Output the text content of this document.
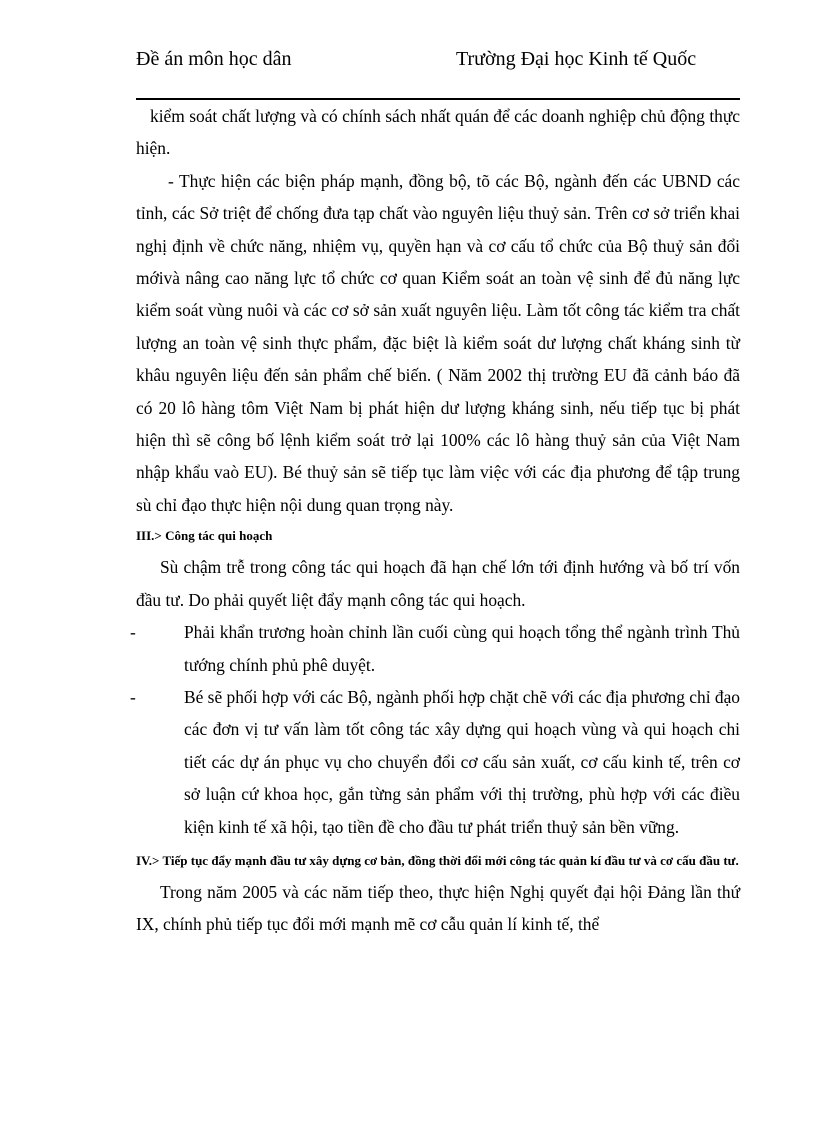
Đề án môn học dân	Trường Đại học Kinh tế Quốc

kiểm soát chất lượng và có chính sách nhất quán để các doanh nghiệp chủ động thực hiện.

- Thực hiện các biện pháp mạnh, đồng bộ, tõ các Bộ, ngành đến các UBND các tỉnh, các Sở triệt để chống đưa tạp chất vào nguyên liệu thuỷ sản. Trên cơ sở triển khai nghị định về chức năng, nhiệm vụ, quyền hạn và cơ cấu tổ chức của Bộ thuỷ sản đổi mớivà nâng cao năng lực tổ chức cơ quan Kiểm soát an toàn vệ sinh để đủ năng lực kiểm soát vùng nuôi và các cơ sở sản xuất nguyên liệu. Làm tốt công tác kiểm tra chất lượng an toàn vệ sinh thực phẩm, đặc biệt là kiểm soát dư lượng chất kháng sinh từ khâu nguyên liệu đến sản phẩm chế biến. ( Năm 2002 thị trường EU đã cảnh báo đã có 20 lô hàng tôm Việt Nam bị phát hiện dư lượng kháng sinh, nếu tiếp tục bị phát hiện thì sẽ công bố lệnh kiểm soát trở lại 100% các lô hàng thuỷ sản của Việt Nam nhập khẩu vaò EU). Bé thuỷ sản sẽ tiếp tục làm việc với các địa phương để tập trung sù chỉ đạo thực hiện nội dung quan trọng này.

III.> Công tác qui hoạch

Sù chậm trễ trong công tác qui hoạch đã hạn chế lớn tới định hướng và bố trí vốn đầu tư. Do phải quyết liệt đẩy mạnh công tác qui hoạch.

-	Phải khẩn trương hoàn chỉnh lần cuối cùng qui hoạch tổng thể ngành trình Thủ tướng chính phủ phê duyệt.
-	Bé sẽ phối hợp với các Bộ, ngành phối hợp chặt chẽ với các địa phương chỉ đạo các đơn vị tư vấn làm tốt công tác xây dựng qui hoạch vùng và qui hoạch chi tiết các dự án phục vụ cho chuyển đổi cơ cấu sản xuất, cơ cấu kinh tế, trên cơ sở luận cứ khoa học, gắn từng sản phẩm với thị trường, phù hợp với các điều kiện kinh tế xã hội, tạo tiền đề cho đầu tư phát triển thuỷ sản bền vững.

IV.> Tiếp tục đẩy mạnh đầu tư xây dựng cơ bản, đồng thời đổi mới công tác quản kí đầu tư và cơ cấu đầu tư.

Trong năm 2005 và các năm tiếp theo, thực hiện Nghị quyết đại hội Đảng lần thứ IX, chính phủ tiếp tục đổi mới mạnh mẽ cơ cẫu quản lí kinh tế, thể
